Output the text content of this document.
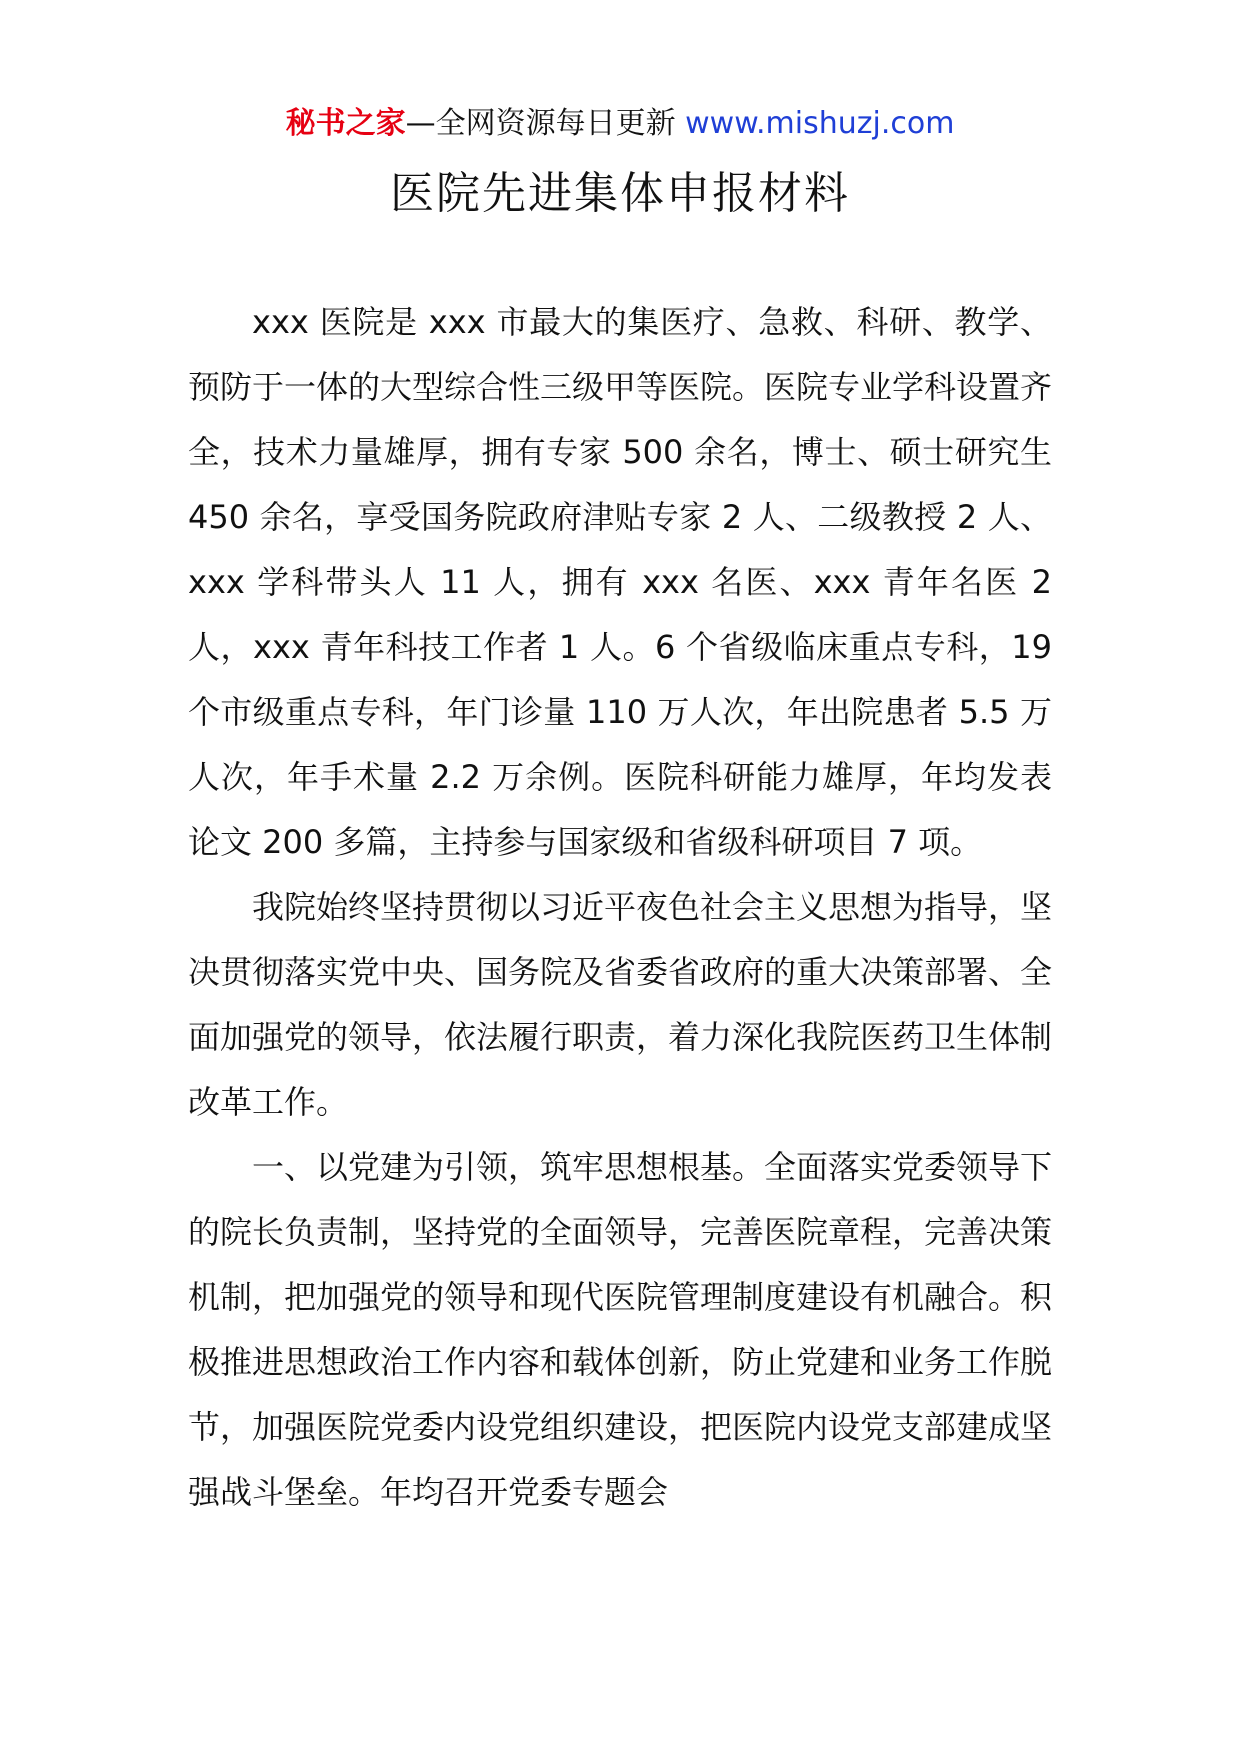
秘书之家—全网资源每日更新 www.mishuzj.com
医院先进集体申报材料

xxx 医院是 xxx 市最大的集医疗、急救、科研、教学、预防于一体的大型综合性三级甲等医院。医院专业学科设置齐全，技术力量雄厚，拥有专家 500 余名，博士、硕士研究生 450 余名，享受国务院政府津贴专家 2 人、二级教授 2 人、xxx 学科带头人 11 人，拥有 xxx 名医、xxx 青年名医 2 人，xxx 青年科技工作者 1 人。6 个省级临床重点专科，19 个市级重点专科，年门诊量 110 万人次，年出院患者 5.5 万人次，年手术量 2.2 万余例。医院科研能力雄厚，年均发表论文 200 多篇，主持参与国家级和省级科研项目 7 项。

我院始终坚持贯彻以习近平夜色社会主义思想为指导，坚决贯彻落实党中央、国务院及省委省政府的重大决策部署、全面加强党的领导，依法履行职责，着力深化我院医药卫生体制改革工作。

一、以党建为引领，筑牢思想根基。全面落实党委领导下的院长负责制，坚持党的全面领导，完善医院章程，完善决策机制，把加强党的领导和现代医院管理制度建设有机融合。积极推进思想政治工作内容和载体创新，防止党建和业务工作脱节，加强医院党委内设党组织建设，把医院内设党支部建成坚强战斗堡垒。年均召开党委专题会
